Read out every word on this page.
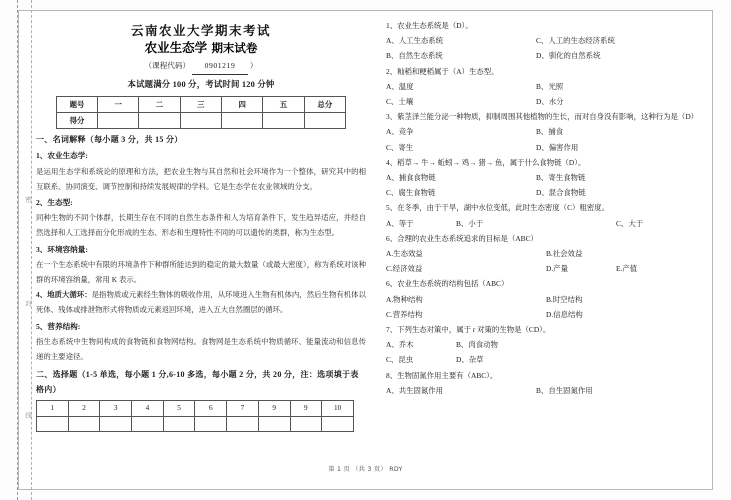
密
封
线
云南农业大学期末考试
农业生态学 期末试卷
（课程代码） 0901219 ）
本试题满分 100 分，考试时间 120 分钟
题号	一	二	三	四	五	总分
得分						
一、名词解释（每小题 3 分，共 15 分）
1、农业生态学:

是运用生态学和系统论的原理和方法，把农业生物与其自然和社会环境作为一个整体，研究其中的相互联系、协同演变、调节控制和持续发展规律的学科。它是生态学在农业领域的分支。

2、生态型:

同种生物的不同个体群，长期生存在不同的自然生态条件和人为培育条件下，发生趋异适应，并经自然选择和人工选择而分化形成的生态、形态和生理特性不同的可以遗传的类群，称为生态型。

3、环境容纳量:

在一个生态系统中有限的环境条件下种群所能达到的稳定的最大数量（或最大密度），称为系统对该种群的环境容纳量，常用 K 表示。

4、地质大循环：是指物质或元素经生物体的吸收作用，从环境进入生物有机体内，然后生物有机体以死体、残体或排泄物形式将物质或元素返回环境，进入五大自然圈层的循环。

5、营养结构:

指生态系统中生物间构成的食物链和食物网结构。食物网是生态系统中物质循环、能量流动和信息传递的主要途径。

二、选择题（1-5 单选，每小题 1 分,6-10 多选，每小题 2 分，共 20 分，注：选项填于表格内）
1	2	3	4	5	6	7	9	9	10

1、农业生态系统是（D）。

A、人工生态系统	C、人工的生态经济系统
B、自然生态系统	D、驯化的自然系统

2、籼稻和粳稻属于（A）生态型。

A、温度	B、光照
C、土壤	D、水分

3、紫茎泽兰能分泌一种物质，抑制周围其他植物的生长，而对自身没有影响，这种行为是（D）

A、竞争	B、捕食
C、寄生	D、偏害作用

4、稻草→ 牛→ 蚯蚓→ 鸡→ 猪→ 鱼，属于什么食物链（D）。

A、捕食食物链	B、寄生食物链
C、腐生食物链	D、混合食物链

5、在冬季，由于干旱，湖中水位变低，此时生态密度（C）粗密度。

A、等于	B、小于	C、大于

6、合理的农业生态系统追求的目标是（ABC）

A.生态效益	B.社会效益
C.经济效益	D.产量	E.产值

6、农业生态系统的结构包括（ABC）

A.物种结构	B.时空结构
C.营养结构	D.信息结构

7、下列生态对策中，属于 r 对策的生物是（CD）。

A、乔木	B、肉食动物
C、昆虫	D、杂草

8、生物固氮作用主要有（ABC）。

A、共生固氮作用	B、自生固氮作用
第 1 页 （共 3 页） RDY
